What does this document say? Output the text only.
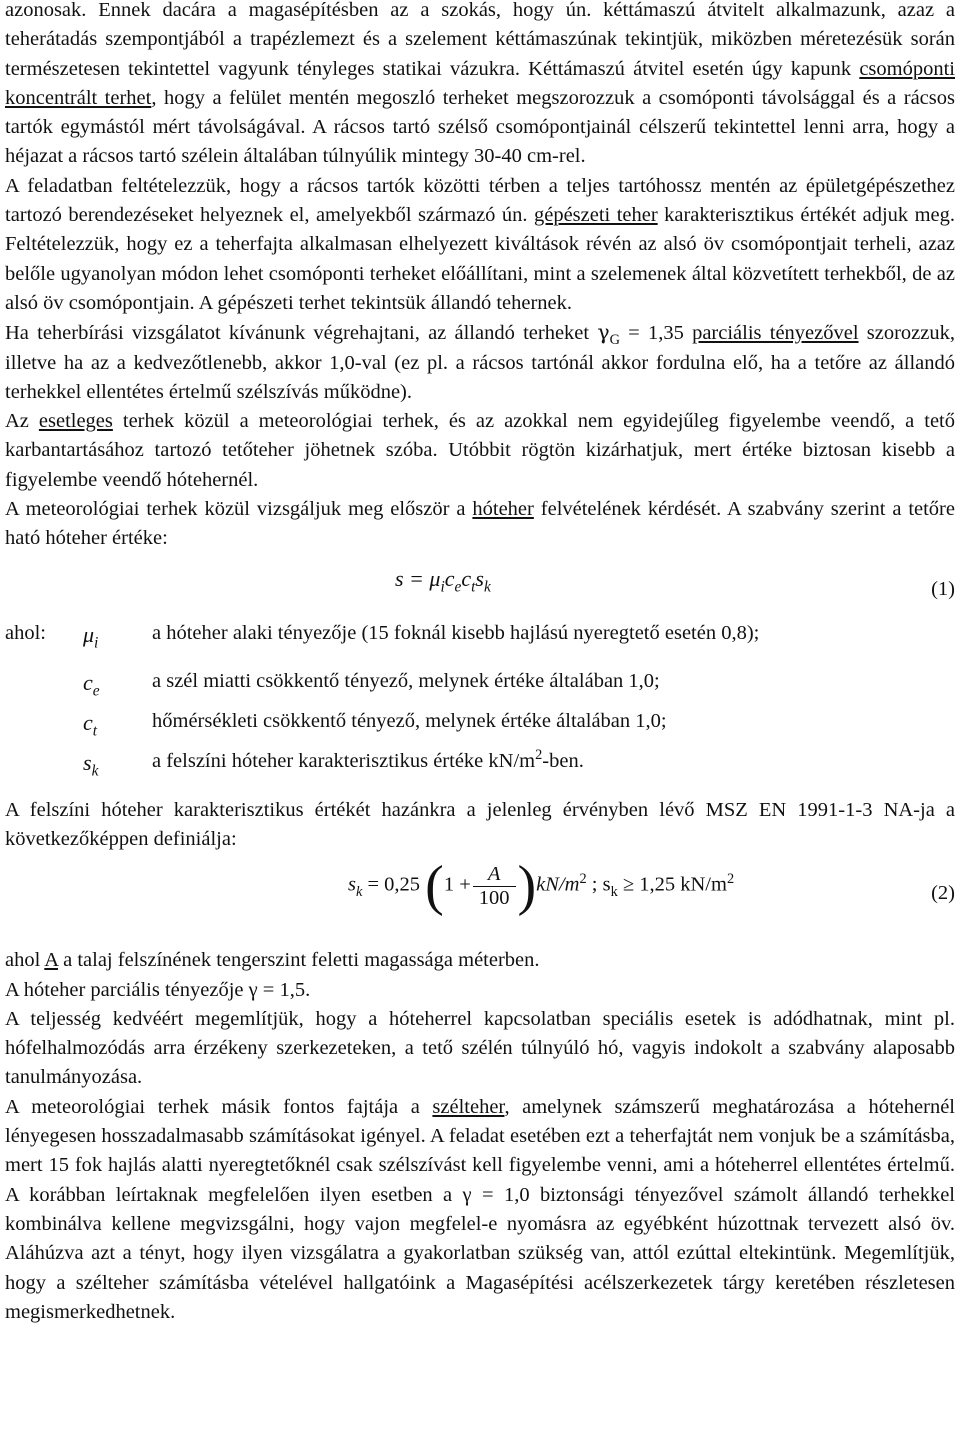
azonosak. Ennek dacára a magasépítésben az a szokás, hogy ún. kéttámaszú átvitelt alkalmazunk, azaz a teherátadás szempontjából a trapézlemezt és a szelement kéttámaszúnak tekintjük, miközben méretezésük során természetesen tekintettel vagyunk tényleges statikai vázukra. Kéttámaszú átvitel esetén úgy kapunk csomóponti koncentrált terhet, hogy a felület mentén megoszló terheket megszorozzuk a csomóponti távolsággal és a rácsos tartók egymástól mért távolságával. A rácsos tartó szélső csomópontjainál célszerű tekintettel lenni arra, hogy a héjazat a rácsos tartó szélein általában túlnyúlik mintegy 30-40 cm-rel.

A feladatban feltételezzük, hogy a rácsos tartók közötti térben a teljes tartóhossz mentén az épületgépészethez tartozó berendezéseket helyeznek el, amelyekből származó ún. gépészeti teher karakterisztikus értékét adjuk meg. Feltételezzük, hogy ez a teherfajta alkalmasan elhelyezett kiváltások révén az alsó öv csomópontjait terheli, azaz belőle ugyanolyan módon lehet csomóponti terheket előállítani, mint a szelemenek által közvetített terhekből, de az alsó öv csomópontjain. A gépészeti terhet tekintsük állandó tehernek.

Ha teherbírási vizsgálatot kívánunk végrehajtani, az állandó terheket $\gamma_G = 1,35$ parciális tényezővel szorozzuk, illetve ha az a kedvezőtlenebb, akkor 1,0-val (ez pl. a rácsos tartónál akkor fordulna elő, ha a tetőre az állandó terhekkel ellentétes értelmű szélszívás működne).

Az esetleges terhek közül a meteorológiai terhek, és az azokkal nem egyidejűleg figyelembe veendő, a tető karbantartásához tartozó tetőteher jöhetnek szóba. Utóbbit rögtön kizárhatjuk, mert értéke biztosan kisebb a figyelembe veendő hótehernél.

A meteorológiai terhek közül vizsgáljuk meg először a hóteher felvételének kérdését. A szabvány szerint a tetőre ható hóteher értéke:

$s = \mu_ic_ec_ts_k$	(1)
ahol: $\mu_i$	a hóteher alaki tényezője (15 foknál kisebb hajlású nyeregtető esetén 0,8);
$c_e$	a szél miatti csökkentő tényező, melynek értéke általában 1,0;
$c_t$	hőmérsékleti csökkentő tényező, melynek értéke általában 1,0;
$s_k$	a felszíni hóteher karakterisztikus értéke $kN/m^2$-ben.

A felszíni hóteher karakterisztikus értékét hazánkra a jelenleg érvényben lévő MSZ EN 1991-1-3 NA-ja a következőképpen definiálja:

$s_k = 0,25$ $(1 + \frac{A}{100} )kN/m^2$ ; $s_k \ge 1,25$ $kN/m^2$
(2)

ahol A a talaj felszínének tengerszint feletti magassága méterben.

A hóteher parciális tényezője γ = 1,5.

A teljesség kedvéért megemlítjük, hogy a hóteherrel kapcsolatban speciális esetek is adódhatnak, mint pl. hófelhalmozódás arra érzékeny szerkezeteken, a tető szélén túlnyúló hó, vagyis indokolt a szabvány alaposabb tanulmányozása.

A meteorológiai terhek másik fontos fajtája a szélteher, amelynek számszerű meghatározása a hótehernél lényegesen hosszadalmasabb számításokat igényel. A feladat esetében ezt a teherfajtát nem vonjuk be a számításba, mert 15 fok hajlás alatti nyeregtetőknél csak szélszívást kell figyelembe venni, ami a hóteherrel ellentétes értelmű. A korábban leírtaknak megfelelően ilyen esetben a γ = 1,0 biztonsági tényezővel számolt állandó terhekkel kombinálva kellene megvizsgálni, hogy vajon megfelel-e nyomásra az egyébként húzottnak tervezett alsó öv. Aláhúzva azt a tényt, hogy ilyen vizsgálatra a gyakorlatban szükség van, attól ezúttal eltekintünk. Megemlítjük, hogy a szélteher számításba vételével hallgatóink a Magasépítési acélszerkezetek tárgy keretében részletesen megismerkedhetnek.
